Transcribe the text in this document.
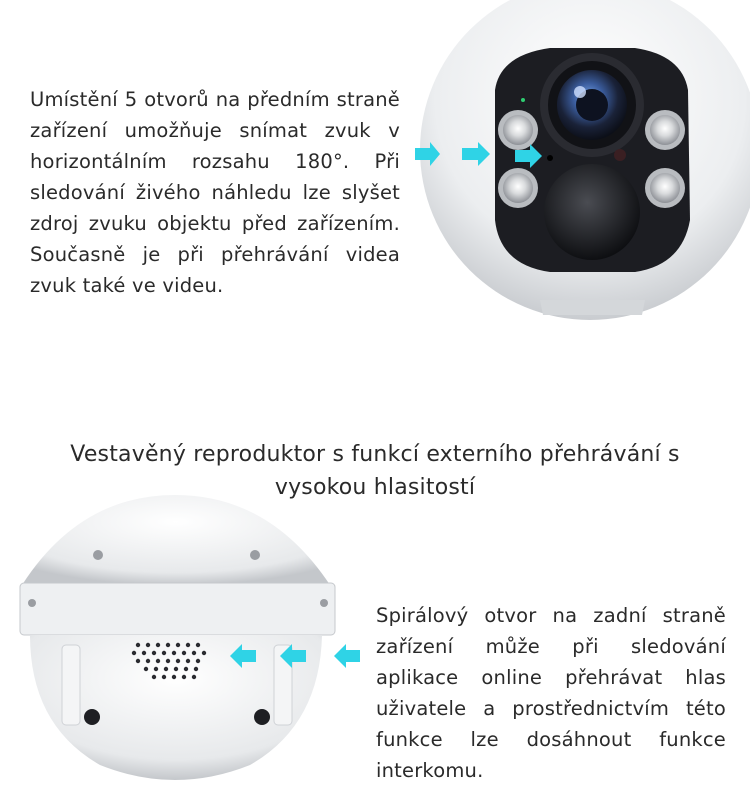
Umístění 5 otvorů na předním straně zařízení umožňuje snímat zvuk v horizontálním rozsahu 180°. Při sledování živého náhledu lze slyšet zdroj zvuku objektu před zařízením. Současně je při přehrávání videa zvuk také ve videu.
Vestavěný reproduktor s funkcí externího přehrávání s
vysokou hlasitostí
Spirálový otvor na zadní straně zařízení může při sledování aplikace online přehrávat hlas uživatele a prostřednictvím této funkce lze dosáhnout funkce interkomu.
